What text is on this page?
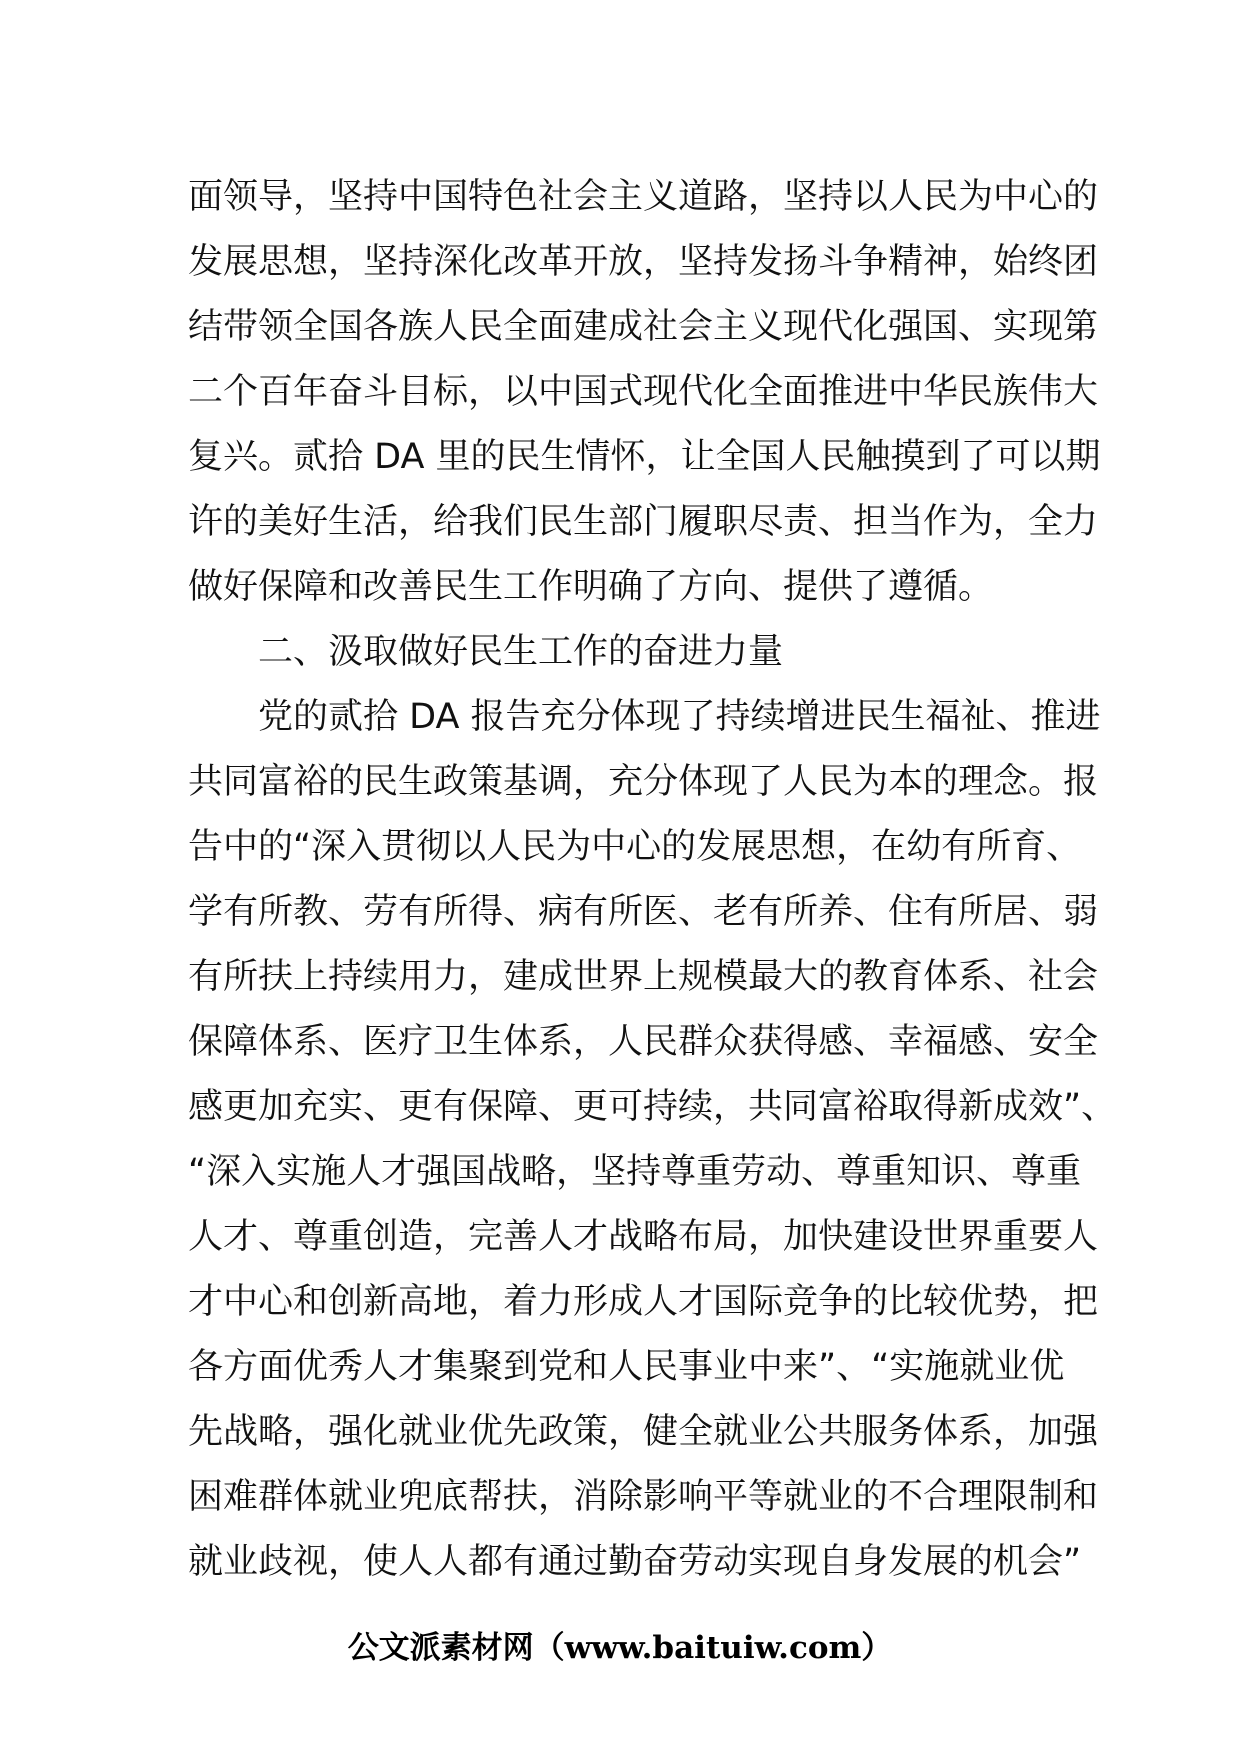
面领导，坚持中国特色社会主义道路，坚持以人民为中心的
发展思想，坚持深化改革开放，坚持发扬斗争精神，始终团
结带领全国各族人民全面建成社会主义现代化强国、实现第
二个百年奋斗目标，以中国式现代化全面推进中华民族伟大
复兴。贰拾 DA 里的民生情怀，让全国人民触摸到了可以期
许的美好生活，给我们民生部门履职尽责、担当作为，全力
做好保障和改善民生工作明确了方向、提供了遵循。
　　二、汲取做好民生工作的奋进力量
　　党的贰拾 DA 报告充分体现了持续增进民生福祉、推进
共同富裕的民生政策基调，充分体现了人民为本的理念。报
告中的“深入贯彻以人民为中心的发展思想，在幼有所育、
学有所教、劳有所得、病有所医、老有所养、住有所居、弱
有所扶上持续用力，建成世界上规模最大的教育体系、社会
保障体系、医疗卫生体系，人民群众获得感、幸福感、安全
感更加充实、更有保障、更可持续，共同富裕取得新成效”、
“深入实施人才强国战略，坚持尊重劳动、尊重知识、尊重
人才、尊重创造，完善人才战略布局，加快建设世界重要人
才中心和创新高地，着力形成人才国际竞争的比较优势，把
各方面优秀人才集聚到党和人民事业中来”、“实施就业优
先战略，强化就业优先政策，健全就业公共服务体系，加强
困难群体就业兜底帮扶，消除影响平等就业的不合理限制和
就业歧视，使人人都有通过勤奋劳动实现自身发展的机会”
公文派素材网（www.baituiw.com）
